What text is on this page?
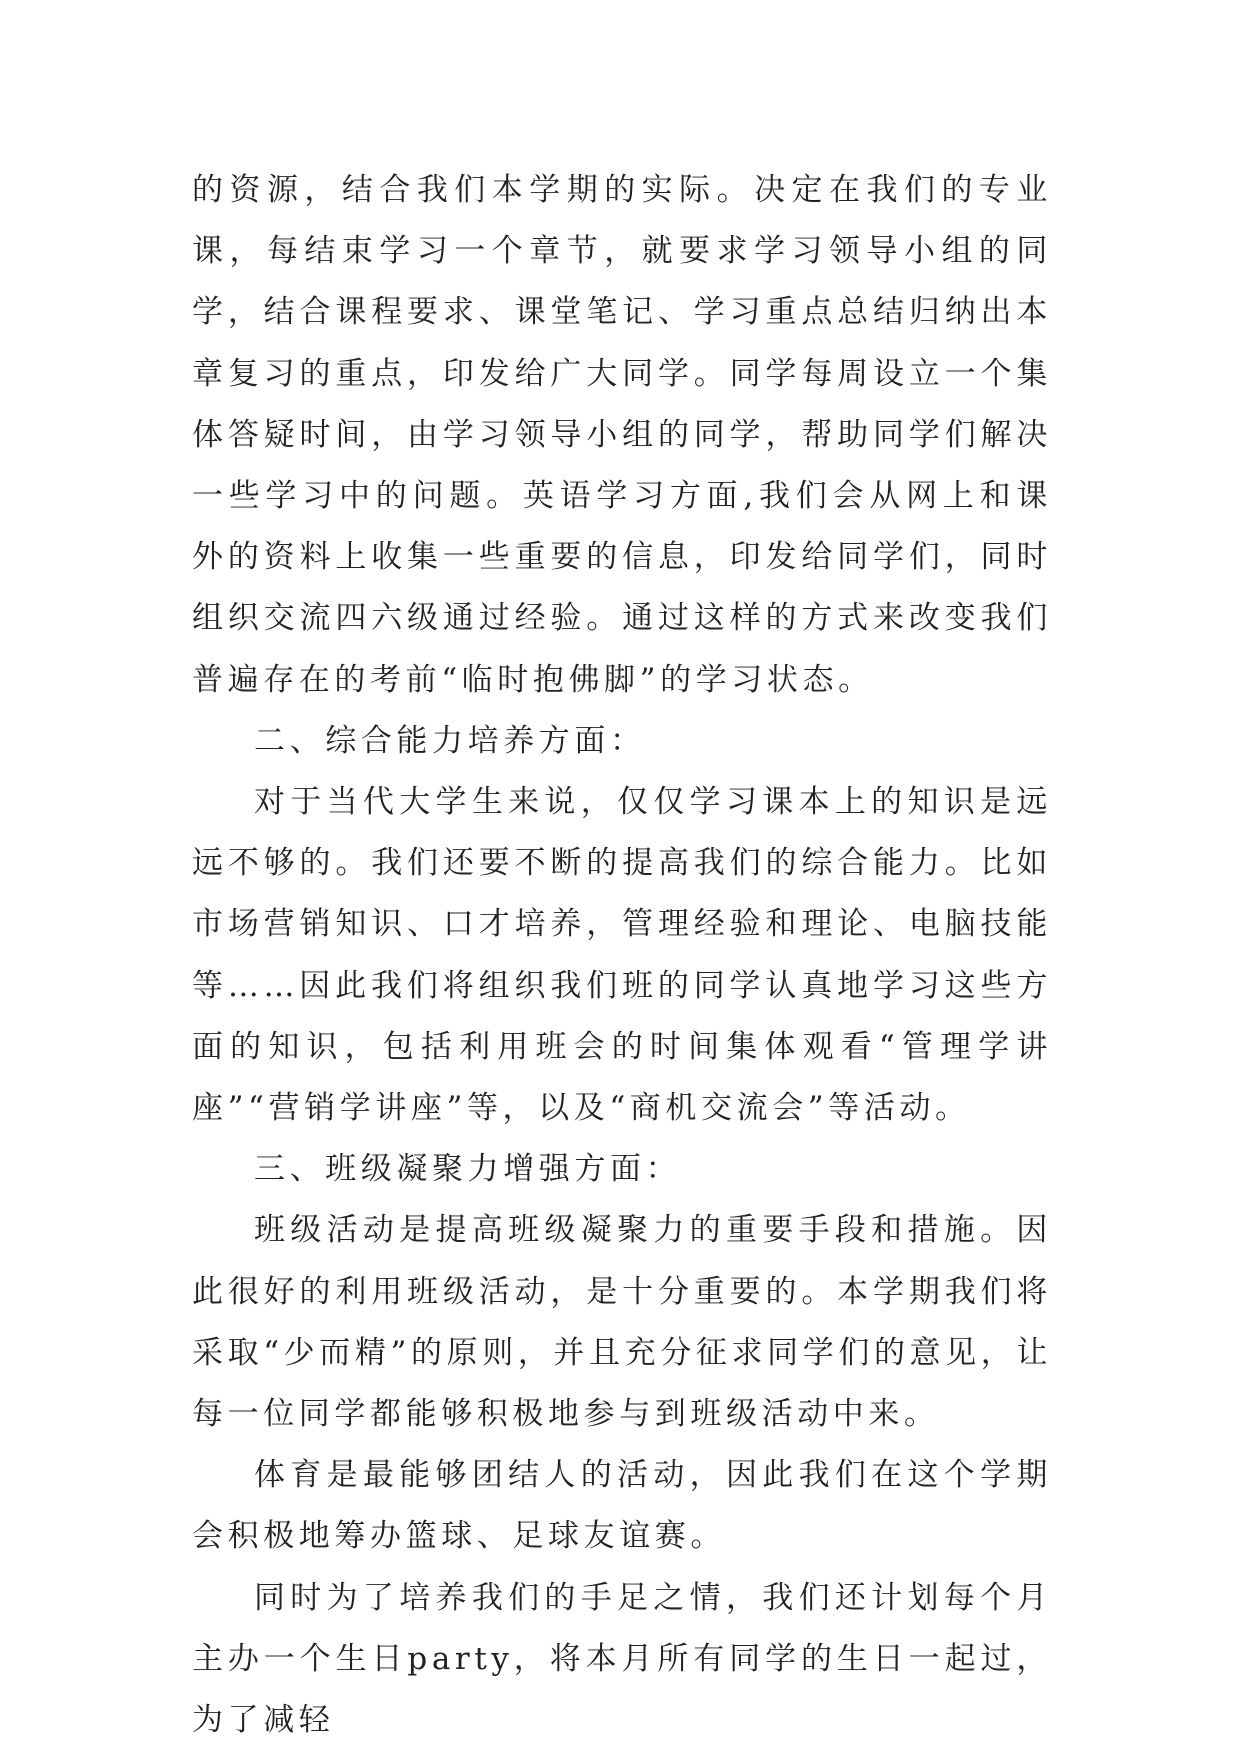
的资源，结合我们本学期的实际。决定在我们的专业课，每结束学习一个章节，就要求学习领导小组的同学，结合课程要求、课堂笔记、学习重点总结归纳出本章复习的重点，印发给广大同学。同学每周设立一个集体答疑时间，由学习领导小组的同学，帮助同学们解决一些学习中的问题。英语学习方面,我们会从网上和课外的资料上收集一些重要的信息，印发给同学们，同时组织交流四六级通过经验。通过这样的方式来改变我们普遍存在的考前“临时抱佛脚”的学习状态。

二、综合能力培养方面：

对于当代大学生来说，仅仅学习课本上的知识是远远不够的。我们还要不断的提高我们的综合能力。比如市场营销知识、口才培养，管理经验和理论、电脑技能等……因此我们将组织我们班的同学认真地学习这些方面的知识，包括利用班会的时间集体观看“管理学讲座”“营销学讲座”等，以及“商机交流会”等活动。

三、班级凝聚力增强方面：

班级活动是提高班级凝聚力的重要手段和措施。因此很好的利用班级活动，是十分重要的。本学期我们将采取“少而精”的原则，并且充分征求同学们的意见，让每一位同学都能够积极地参与到班级活动中来。

体育是最能够团结人的活动，因此我们在这个学期会积极地筹办篮球、足球友谊赛。

同时为了培养我们的手足之情，我们还计划每个月主办一个生日party，将本月所有同学的生日一起过，为了减轻
